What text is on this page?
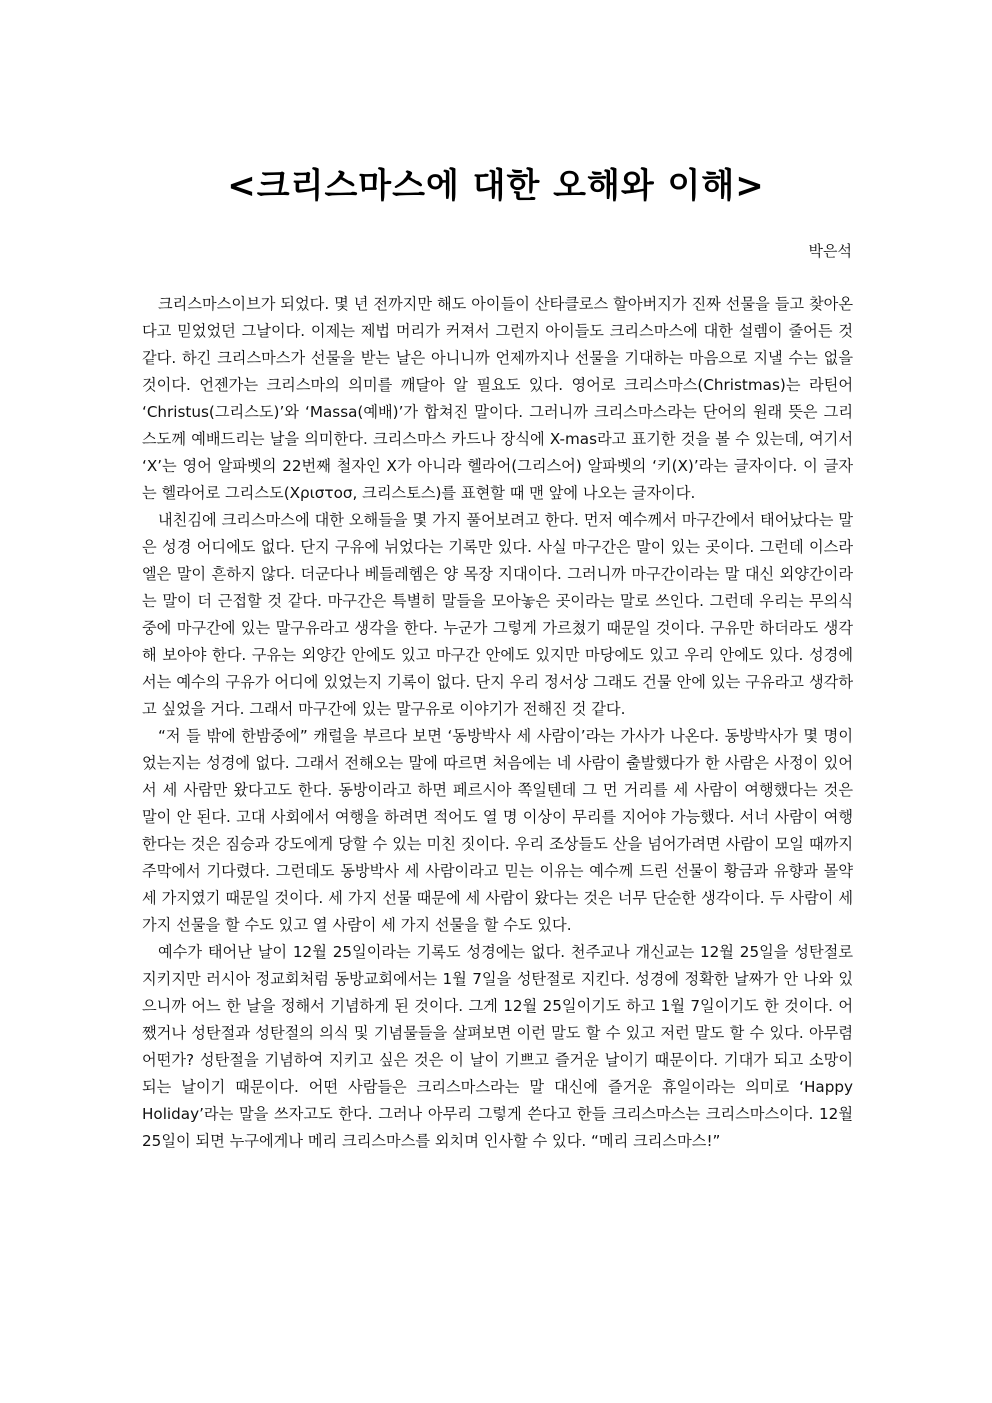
<크리스마스에 대한 오해와 이해>
박은석

크리스마스이브가 되었다. 몇 년 전까지만 해도 아이들이 산타클로스 할아버지가 진짜 선물을 들고 찾아온다고 믿었었던 그날이다. 이제는 제법 머리가 커져서 그런지 아이들도 크리스마스에 대한 설렘이 줄어든 것 같다. 하긴 크리스마스가 선물을 받는 날은 아니니까 언제까지나 선물을 기대하는 마음으로 지낼 수는 없을 것이다. 언젠가는 크리스마의 의미를 깨달아 알 필요도 있다. 영어로 크리스마스(Christmas)는 라틴어 ‘Christus(그리스도)’와 ‘Massa(예배)’가 합쳐진 말이다. 그러니까 크리스마스라는 단어의 원래 뜻은 그리스도께 예배드리는 날을 의미한다. 크리스마스 카드나 장식에 X-mas라고 표기한 것을 볼 수 있는데, 여기서 ‘X’는 영어 알파벳의 22번째 철자인 X가 아니라 헬라어(그리스어) 알파벳의 ‘키(X)’라는 글자이다. 이 글자는 헬라어로 그리스도(Χριστοσ, 크리스토스)를 표현할 때 맨 앞에 나오는 글자이다.

내친김에 크리스마스에 대한 오해들을 몇 가지 풀어보려고 한다. 먼저 예수께서 마구간에서 태어났다는 말은 성경 어디에도 없다. 단지 구유에 뉘었다는 기록만 있다. 사실 마구간은 말이 있는 곳이다. 그런데 이스라엘은 말이 흔하지 않다. 더군다나 베들레헴은 양 목장 지대이다. 그러니까 마구간이라는 말 대신 외양간이라는 말이 더 근접할 것 같다. 마구간은 특별히 말들을 모아놓은 곳이라는 말로 쓰인다. 그런데 우리는 무의식중에 마구간에 있는 말구유라고 생각을 한다. 누군가 그렇게 가르쳤기 때문일 것이다. 구유만 하더라도 생각해 보아야 한다. 구유는 외양간 안에도 있고 마구간 안에도 있지만 마당에도 있고 우리 안에도 있다. 성경에서는 예수의 구유가 어디에 있었는지 기록이 없다. 단지 우리 정서상 그래도 건물 안에 있는 구유라고 생각하고 싶었을 거다. 그래서 마구간에 있는 말구유로 이야기가 전해진 것 같다.

“저 들 밖에 한밤중에” 캐럴을 부르다 보면 ‘동방박사 세 사람이’라는 가사가 나온다. 동방박사가 몇 명이었는지는 성경에 없다. 그래서 전해오는 말에 따르면 처음에는 네 사람이 출발했다가 한 사람은 사정이 있어서 세 사람만 왔다고도 한다. 동방이라고 하면 페르시아 쪽일텐데 그 먼 거리를 세 사람이 여행했다는 것은 말이 안 된다. 고대 사회에서 여행을 하려면 적어도 열 명 이상이 무리를 지어야 가능했다. 서너 사람이 여행한다는 것은 짐승과 강도에게 당할 수 있는 미친 짓이다. 우리 조상들도 산을 넘어가려면 사람이 모일 때까지 주막에서 기다렸다. 그런데도 동방박사 세 사람이라고 믿는 이유는 예수께 드린 선물이 황금과 유향과 몰약 세 가지였기 때문일 것이다. 세 가지 선물 때문에 세 사람이 왔다는 것은 너무 단순한 생각이다. 두 사람이 세 가지 선물을 할 수도 있고 열 사람이 세 가지 선물을 할 수도 있다.

예수가 태어난 날이 12월 25일이라는 기록도 성경에는 없다. 천주교나 개신교는 12월 25일을 성탄절로 지키지만 러시아 정교회처럼 동방교회에서는 1월 7일을 성탄절로 지킨다. 성경에 정확한 날짜가 안 나와 있으니까 어느 한 날을 정해서 기념하게 된 것이다. 그게 12월 25일이기도 하고 1월 7일이기도 한 것이다. 어쨌거나 성탄절과 성탄절의 의식 및 기념물들을 살펴보면 이런 말도 할 수 있고 저런 말도 할 수 있다. 아무렴 어떤가? 성탄절을 기념하여 지키고 싶은 것은 이 날이 기쁘고 즐거운 날이기 때문이다. 기대가 되고 소망이 되는 날이기 때문이다. 어떤 사람들은 크리스마스라는 말 대신에 즐거운 휴일이라는 의미로 ‘Happy Holiday’라는 말을 쓰자고도 한다. 그러나 아무리 그렇게 쓴다고 한들 크리스마스는 크리스마스이다. 12월 25일이 되면 누구에게나 메리 크리스마스를 외치며 인사할 수 있다. “메리 크리스마스!”
